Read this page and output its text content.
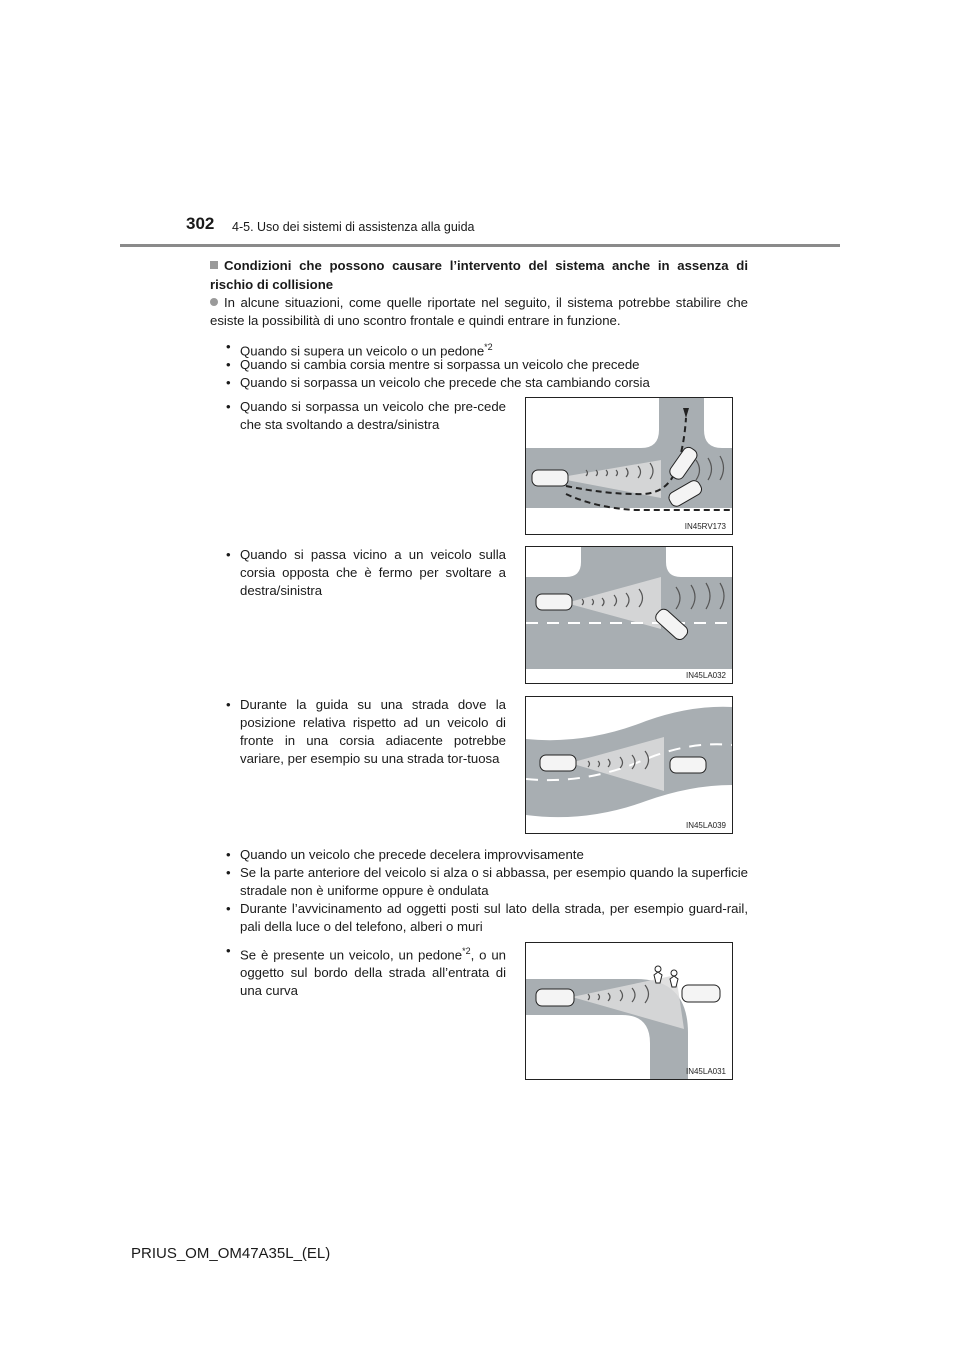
302 4-5. Uso dei sistemi di assistenza alla guida
Condizioni che possono causare l’intervento del sistema anche in assenza di rischio di collisione
In alcune situazioni, come quelle riportate nel seguito, il sistema potrebbe stabilire che esiste la possibilità di uno scontro frontale e quindi entrare in funzione.
• Quando si supera un veicolo o un pedone$^{*2}$
• Quando si cambia corsia mentre si sorpassa un veicolo che precede
• Quando si sorpassa un veicolo che precede che sta cambiando corsia
• Quando si sorpassa un veicolo che pre-cede che sta svoltando a destra/sinistra
IN45RV173
• Quando si passa vicino a un veicolo sulla corsia opposta che è fermo per svoltare a destra/sinistra
IN45LA032
• Durante la guida su una strada dove la posizione relativa rispetto ad un veicolo di fronte in una corsia adiacente potrebbe variare, per esempio su una strada tor-tuosa
IN45LA039
• Quando un veicolo che precede decelera improvvisamente
• Se la parte anteriore del veicolo si alza o si abbassa, per esempio quando la superficie stradale non è uniforme oppure è ondulata
• Durante l’avvicinamento ad oggetti posti sul lato della strada, per esempio guard-rail, pali della luce o del telefono, alberi o muri
• Se è presente un veicolo, un pedone$^{*2}$, o un oggetto sul bordo della strada all’entrata di una curva
IN45LA031
PRIUS_OM_OM47A35L_(EL)
